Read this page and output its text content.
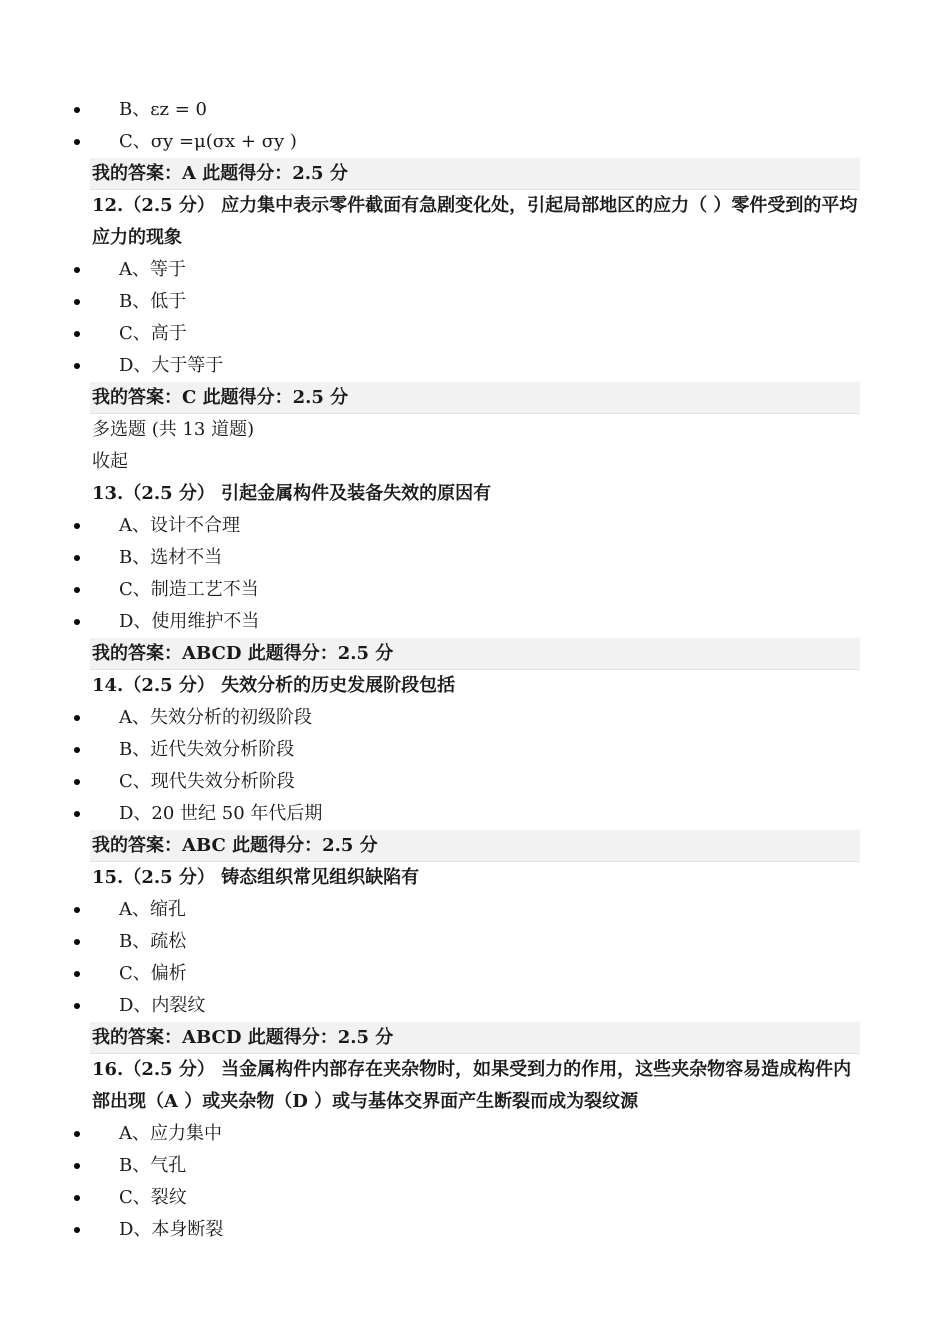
B、εz = 0
C、σy =μ(σx + σy )
我的答案：A 此题得分：2.5 分
12.（2.5 分） 应力集中表示零件截面有急剧变化处，引起局部地区的应力（ ）零件受到的平均 应力的现象
A、等于
B、低于
C、高于
D、大于等于
我的答案：C 此题得分：2.5 分
多选题 (共 13 道题)
收起
13.（2.5 分） 引起金属构件及装备失效的原因有
A、设计不合理
B、选材不当
C、制造工艺不当
D、使用维护不当
我的答案：ABCD 此题得分：2.5 分
14.（2.5 分） 失效分析的历史发展阶段包括
A、失效分析的初级阶段
B、近代失效分析阶段
C、现代失效分析阶段
D、20 世纪 50 年代后期
我的答案：ABC 此题得分：2.5 分
15.（2.5 分） 铸态组织常见组织缺陷有
A、缩孔
B、疏松
C、偏析
D、内裂纹
我的答案：ABCD 此题得分：2.5 分
16.（2.5 分） 当金属构件内部存在夹杂物时，如果受到力的作用，这些夹杂物容易造成构件内部出现（A ）或夹杂物（D ）或与基体交界面产生断裂而成为裂纹源
A、应力集中
B、气孔
C、裂纹
D、本身断裂
